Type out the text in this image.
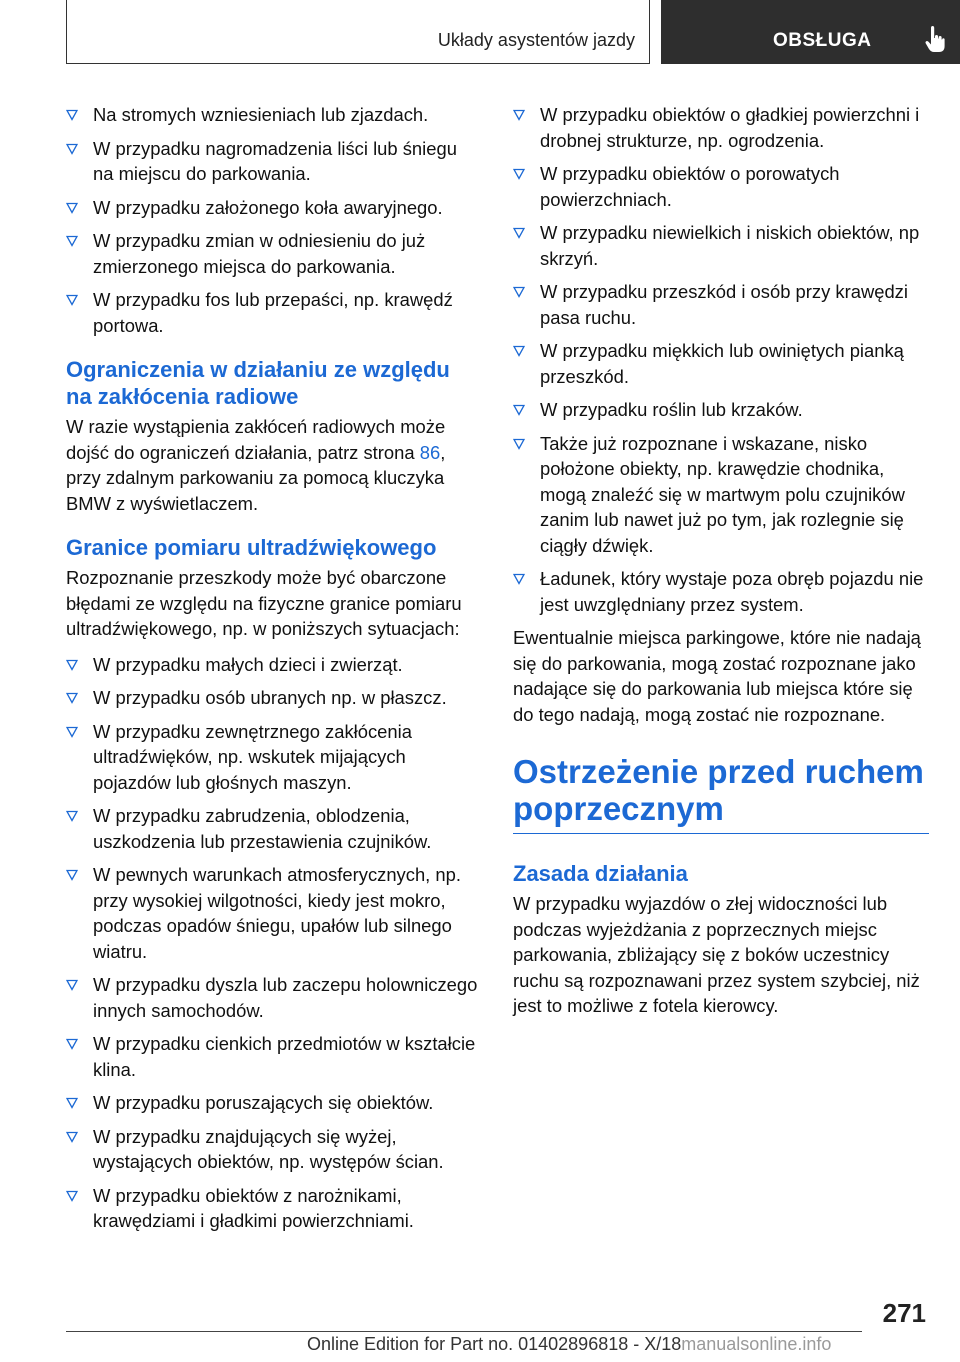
Układy asystentów jazdy	OBSŁUGA
Na stromych wzniesieniach lub zjazdach.
W przypadku nagromadzenia liści lub śniegu na miejscu do parkowania.
W przypadku założonego koła awaryjnego.
W przypadku zmian w odniesieniu do już zmierzonego miejsca do parkowania.
W przypadku fos lub przepaści, np. krawędź portowa.
Ograniczenia w działaniu ze względu na zakłócenia radiowe

W razie wystąpienia zakłóceń radiowych może dojść do ograniczeń działania, patrz strona 86, przy zdalnym parkowaniu za pomocą kluczyka BMW z wyświetlaczem.

Granice pomiaru ultradźwiękowego

Rozpoznanie przeszkody może być obarczone błędami ze względu na fizyczne granice pomiaru ultradźwiękowego, np. w poniższych sytuacjach:

W przypadku małych dzieci i zwierząt.
W przypadku osób ubranych np. w płaszcz.
W przypadku zewnętrznego zakłócenia ultradźwięków, np. wskutek mijających pojazdów lub głośnych maszyn.
W przypadku zabrudzenia, oblodzenia, uszkodzenia lub przestawienia czujników.
W pewnych warunkach atmosferycznych, np. przy wysokiej wilgotności, kiedy jest mokro, podczas opadów śniegu, upałów lub silnego wiatru.
W przypadku dyszla lub zaczepu holowniczego innych samochodów.
W przypadku cienkich przedmiotów w kształcie klina.
W przypadku poruszających się obiektów.
W przypadku znajdujących się wyżej, wystających obiektów, np. występów ścian.
W przypadku obiektów z narożnikami, krawędziami i gładkimi powierzchniami.
W przypadku obiektów o gładkiej powierzchni i drobnej strukturze, np. ogrodzenia.
W przypadku obiektów o porowatych powierzchniach.
W przypadku niewielkich i niskich obiektów, np skrzyń.
W przypadku przeszkód i osób przy krawędzi pasa ruchu.
W przypadku miękkich lub owiniętych pianką przeszkód.
W przypadku roślin lub krzaków.
Także już rozpoznane i wskazane, nisko położone obiekty, np. krawędzie chodnika, mogą znaleźć się w martwym polu czujników zanim lub nawet już po tym, jak rozlegnie się ciągły dźwięk.
Ładunek, który wystaje poza obręb pojazdu nie jest uwzględniany przez system.

Ewentualnie miejsca parkingowe, które nie nadają się do parkowania, mogą zostać rozpoznane jako nadające się do parkowania lub miejsca które się do tego nadają, mogą zostać nie rozpoznane.

Ostrzeżenie przed ruchem poprzecznym
Zasada działania

W przypadku wyjazdów o złej widoczności lub podczas wyjeżdżania z poprzecznych miejsc parkowania, zbliżający się z boków uczestnicy ruchu są rozpoznawani przez system szybciej, niż jest to możliwe z fotela kierowcy.

271
Online Edition for Part no. 01402896818 - X/18manualsonline.info
